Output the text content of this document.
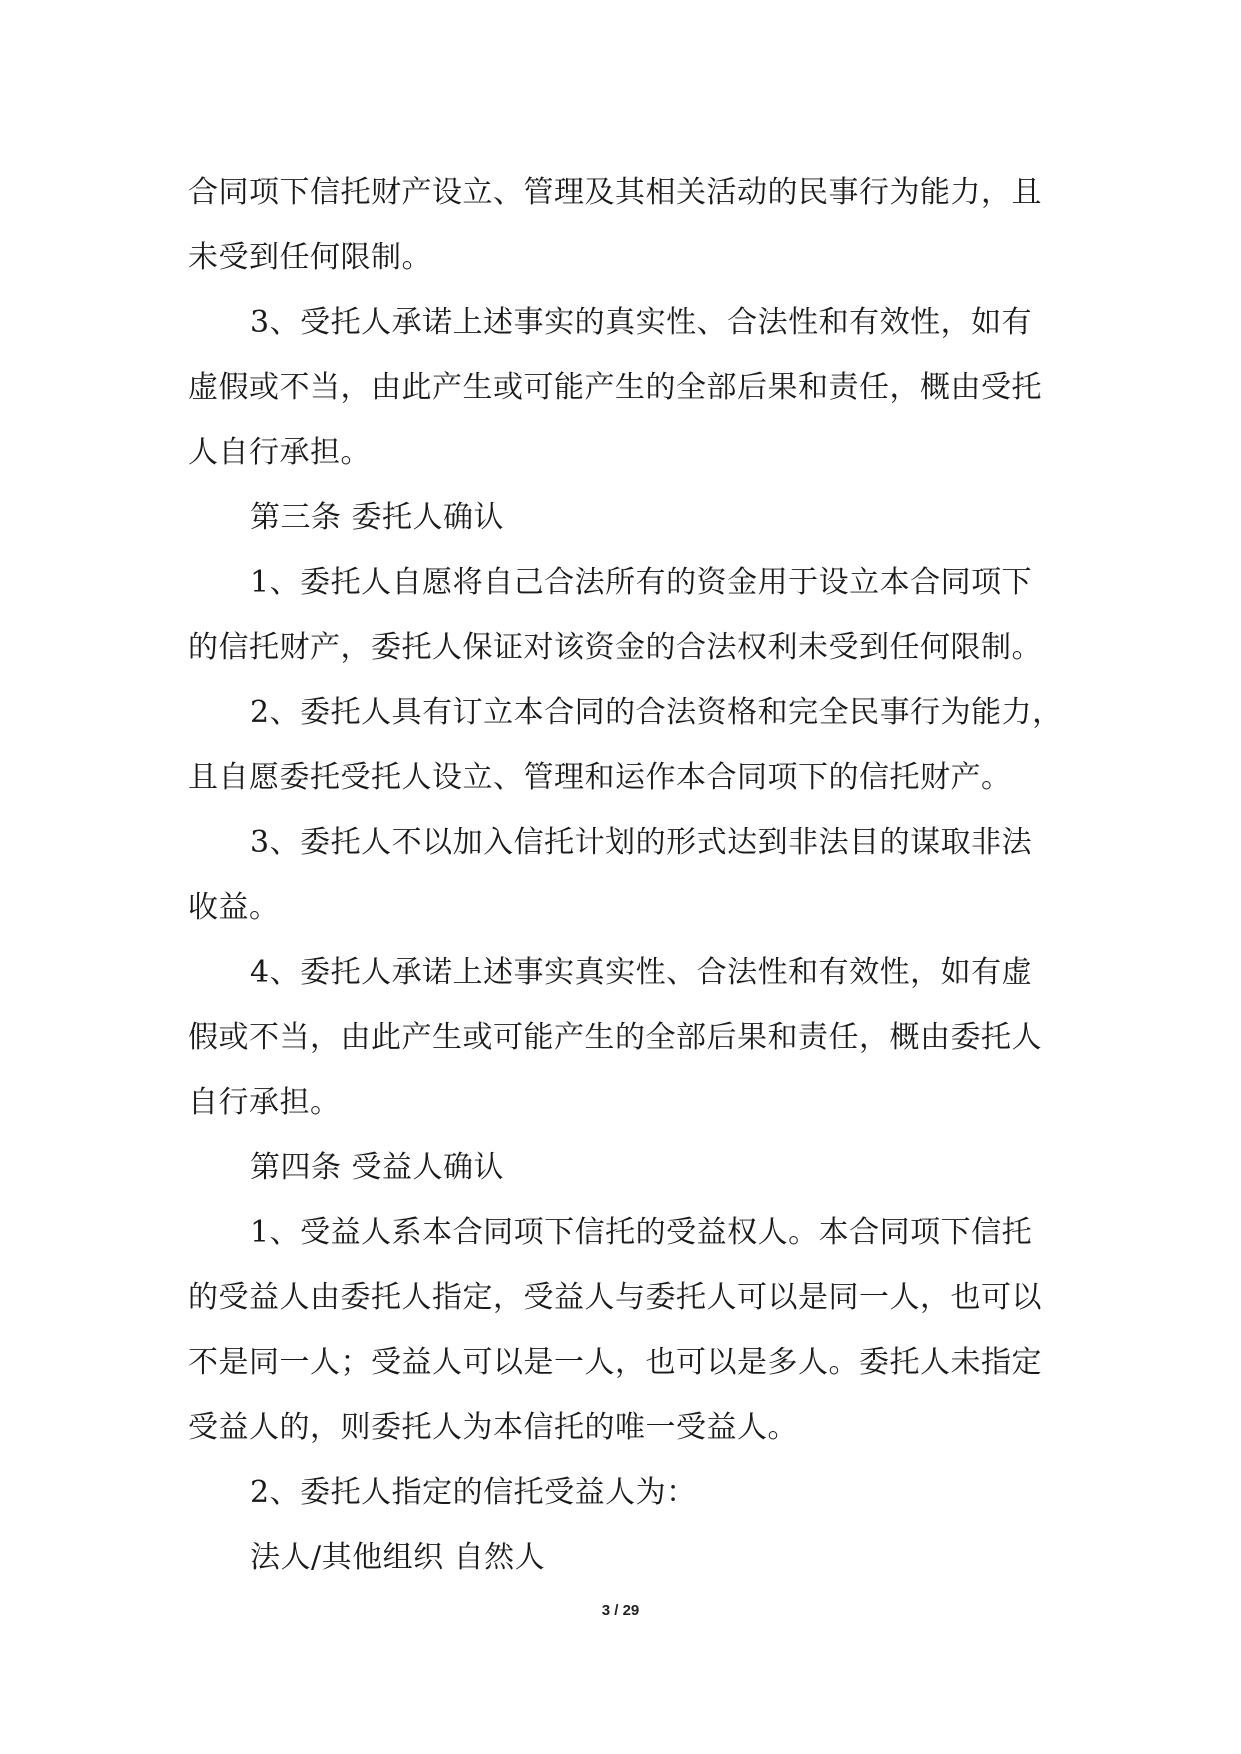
合同项下信托财产设立、管理及其相关活动的民事行为能力，且
未受到任何限制。
3、受托人承诺上述事实的真实性、合法性和有效性，如有
虚假或不当，由此产生或可能产生的全部后果和责任，概由受托
人自行承担。
第三条 委托人确认
1、委托人自愿将自己合法所有的资金用于设立本合同项下
的信托财产，委托人保证对该资金的合法权利未受到任何限制。
2、委托人具有订立本合同的合法资格和完全民事行为能力，
且自愿委托受托人设立、管理和运作本合同项下的信托财产。
3、委托人不以加入信托计划的形式达到非法目的谋取非法
收益。
4、委托人承诺上述事实真实性、合法性和有效性，如有虚
假或不当，由此产生或可能产生的全部后果和责任，概由委托人
自行承担。
第四条 受益人确认
1、受益人系本合同项下信托的受益权人。本合同项下信托
的受益人由委托人指定，受益人与委托人可以是同一人，也可以
不是同一人；受益人可以是一人，也可以是多人。委托人未指定
受益人的，则委托人为本信托的唯一受益人。
2、委托人指定的信托受益人为：
法人/其他组织 自然人
3 / 29
